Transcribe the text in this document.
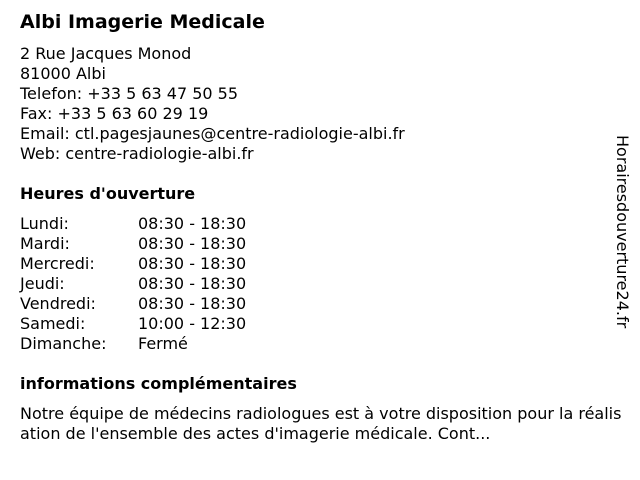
Albi Imagerie Medicale
2 Rue Jacques Monod
81000 Albi
Telefon: +33 5 63 47 50 55
Fax: +33 5 63 60 29 19
Email: ctl.pagesjaunes@centre-radiologie-albi.fr
Web: centre-radiologie-albi.fr
Heures d'ouverture
Lundi:	08:30 - 18:30
Mardi:	08:30 - 18:30
Mercredi:	08:30 - 18:30
Jeudi:	08:30 - 18:30
Vendredi:	08:30 - 18:30
Samedi:	10:00 - 12:30
Dimanche: Fermé
informations complémentaires
Notre équipe de médecins radiologues est à votre disposition pour la réalisation de l'ensemble des actes d'imagerie médicale. Cont...
Horairesdouverture24.fr
